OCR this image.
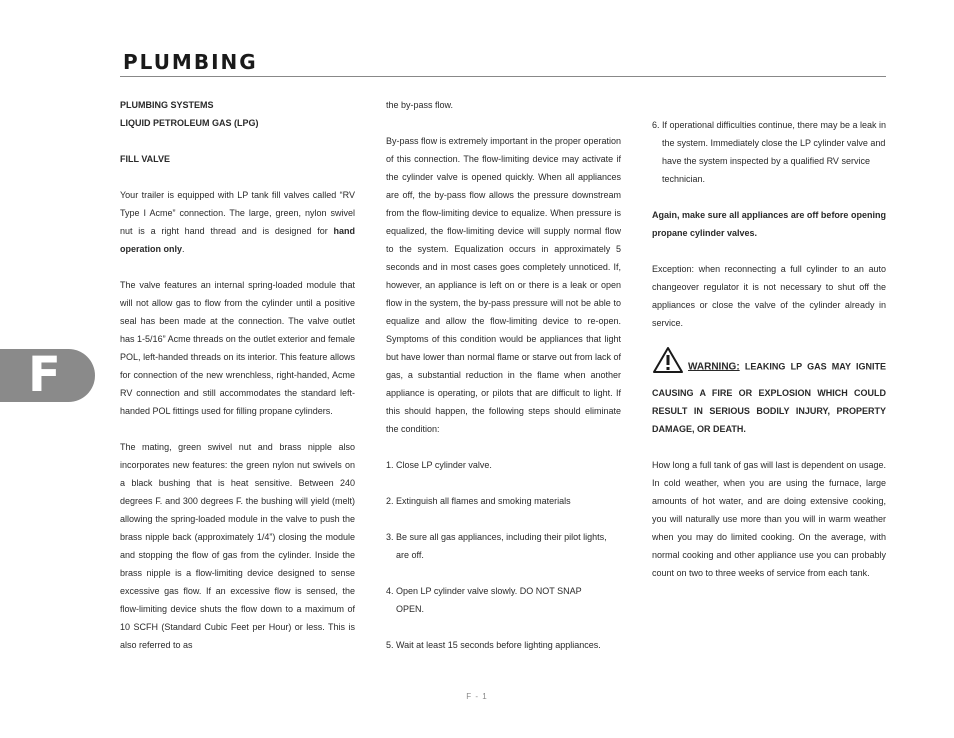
PLUMBING
F

PLUMBING SYSTEMS

LIQUID PETROLEUM GAS (LPG)

FILL VALVE

Your trailer is equipped with LP tank fill valves called “RV Type I Acme” connection. The large, green, nylon swivel nut is a right hand thread and is designed for hand operation only.

The valve features an internal spring-loaded module that will not allow gas to flow from the cylinder until a positive seal has been made at the connection. The valve outlet has 1-5/16” Acme threads on the outlet exterior and female POL, left-handed threads on its interior. This feature allows for connection of the new wrenchless, right-handed, Acme RV connection and still accommodates the standard left-handed POL fittings used for filling propane cylinders.

The mating, green swivel nut and brass nipple also incorporates new features: the green nylon nut swivels on a black bushing that is heat sensitive. Between 240 degrees F. and 300 degrees F. the bushing will yield (melt) allowing the spring-loaded module in the valve to push the brass nipple back (approximately 1/4”) closing the module and stopping the flow of gas from the cylinder. Inside the brass nipple is a flow-limiting device designed to sense excessive gas flow. If an excessive flow is sensed, the flow-limiting device shuts the flow down to a maximum of 10 SCFH (Standard Cubic Feet per Hour) or less. This is also referred to as

the by-pass flow.

By-pass flow is extremely important in the proper operation of this connection. The flow-limiting device may activate if the cylinder valve is opened quickly. When all appliances are off, the by-pass flow allows the pressure downstream from the flow-limiting device to equalize. When pressure is equalized, the flow-limiting device will supply normal flow to the system. Equalization occurs in approximately 5 seconds and in most cases goes completely unnoticed. If, however, an appliance is left on or there is a leak or open flow in the system, the by-pass pressure will not be able to equalize and allow the flow-limiting device to re-open. Symptoms of this condition would be appliances that light but have lower than normal flame or starve out from lack of gas, a substantial reduction in the flame when another appliance is operating, or pilots that are difficult to light. If this should happen, the following steps should eliminate the condition:

1. Close LP cylinder valve.

2. Extinguish all flames and smoking materials

3. Be sure all gas appliances, including their pilot lights, are off.

4. Open LP cylinder valve slowly. DO NOT SNAP OPEN.

5. Wait at least 15 seconds before lighting appliances.

6. If operational difficulties continue, there may be a leak in the system. Immediately close the LP cylinder valve and have the system inspected by a qualified RV service technician.

Again, make sure all appliances are off before opening propane cylinder valves.

Exception: when reconnecting a full cylinder to an auto changeover regulator it is not necessary to shut off the appliances or close the valve of the cylinder already in service.

WARNING: LEAKING LP GAS MAY IGNITE CAUSING A FIRE OR EXPLOSION WHICH COULD RESULT IN SERIOUS BODILY INJURY, PROPERTY DAMAGE, OR DEATH.

How long a full tank of gas will last is dependent on usage. In cold weather, when you are using the furnace, large amounts of hot water, and are doing extensive cooking, you will naturally use more than you will in warm weather when you may do limited cooking. On the average, with normal cooking and other appliance use you can probably count on two to three weeks of service from each tank.

F - 1
